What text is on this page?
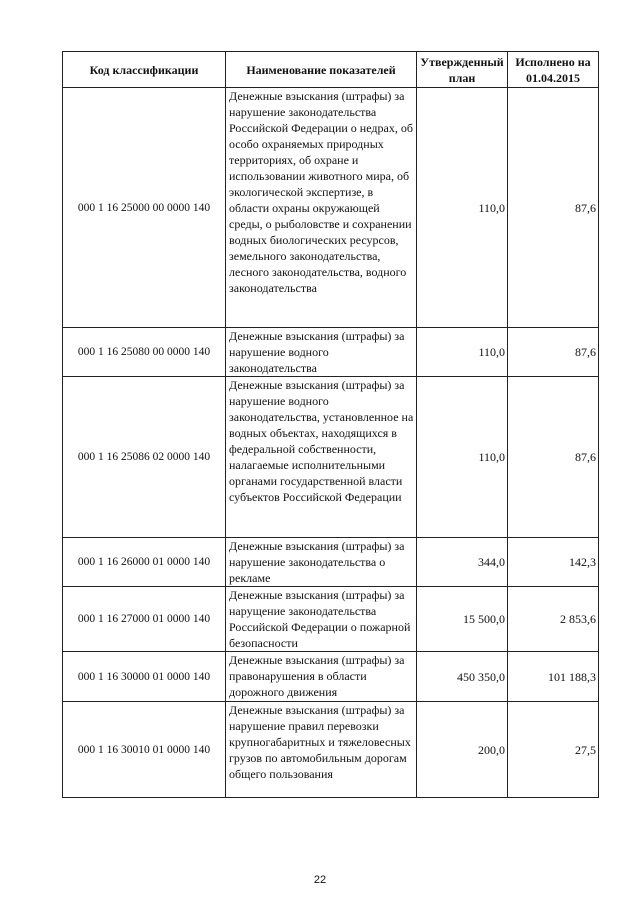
Код классификации	Наименование показателей	Утвержденный план	Исполнено на 01.04.2015
000 1 16 25000 00 0000 140	Денежные взыскания (штрафы) за нарушение законодательства Российской Федерации о недрах, об особо охраняемых природных территориях, об охране и использовании животного мира, об экологической экспертизе, в области охраны окружающей среды, о рыболовстве и сохранении водных биологических ресурсов, земельного законодательства, лесного законодательства, водного законодательства	110,0	87,6
000 1 16 25080 00 0000 140	Денежные взыскания (штрафы) за нарушение водного законодательства	110,0	87,6
000 1 16 25086 02 0000 140	Денежные взыскания (штрафы) за нарушение водного законодательства, установленное на водных объектах, находящихся в федеральной собственности, налагаемые исполнительными органами государственной власти субъектов Российской Федерации	110,0	87,6
000 1 16 26000 01 0000 140	Денежные взыскания (штрафы) за нарушение законодательства о рекламе	344,0	142,3
000 1 16 27000 01 0000 140	Денежные взыскания (штрафы) за нарущение законодательства Российской Федерации о пожарной безопасности	15 500,0	2 853,6
000 1 16 30000 01 0000 140	Денежные взыскания (штрафы) за правонарушения в области дорожного движения	450 350,0	101 188,3
000 1 16 30010 01 0000 140	Денежные взыскания (штрафы) за нарушение правил перевозки крупногабаритных и тяжеловесных грузов по автомобильным дорогам общего пользования	200,0	27,5
22
